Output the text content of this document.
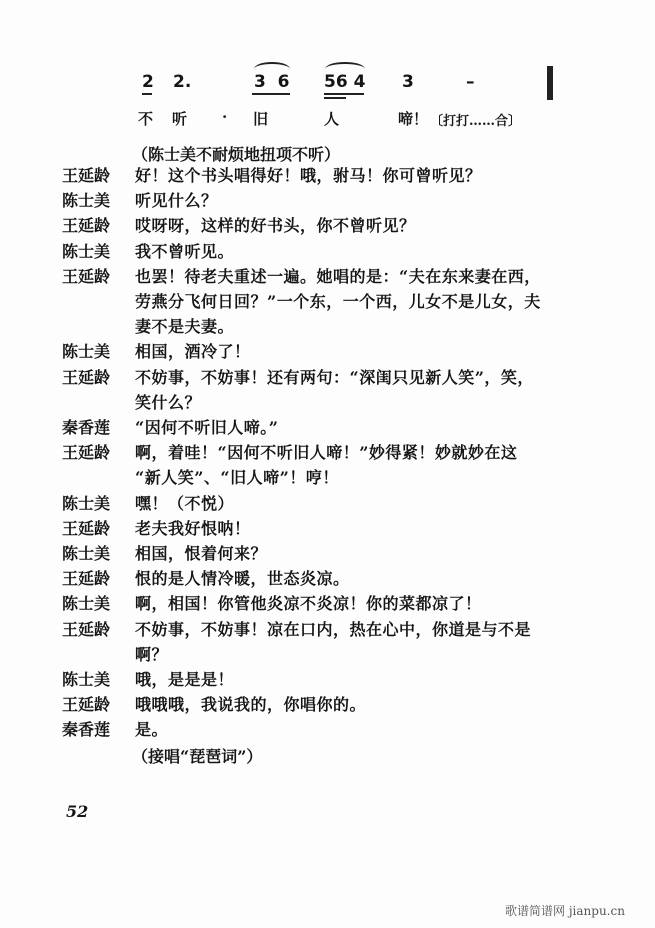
2 2.	3  6 56 4 3	–
不 听 · 旧	人	啼！ 〔打打……合〕
（陈士美不耐烦地扭项不听）
王延龄 好！这个书头唱得好！哦，驸马！你可曾听见？
陈士美 听见什么？
王延龄 哎呀呀，这样的好书头，你不曾听见？
陈士美 我不曾听见。
王延龄 也罢！待老夫重述一遍。她唱的是：“夫在东来妻在西，
劳燕分飞何日回？”一个东，一个西，儿女不是儿女，夫
妻不是夫妻。
陈士美 相国，酒冷了！
王延龄 不妨事，不妨事！还有两句：“深闺只见新人笑”，笑，
笑什么？
秦香莲 “因何不听旧人啼。”
王延龄 啊，着哇！“因何不听旧人啼！”妙得紧！妙就妙在这
“新人笑”、“旧人啼”！哼！
陈士美 嘿！（不悦）
王延龄 老夫我好恨呐！
陈士美 相国，恨着何来？
王延龄 恨的是人情冷暖，世态炎凉。
陈士美 啊，相国！你管他炎凉不炎凉！你的菜都凉了！
王延龄 不妨事，不妨事！凉在口内，热在心中，你道是与不是
啊？
陈士美 哦，是是是！
王延龄 哦哦哦，我说我的，你唱你的。
秦香莲 是。
（接唱“琵琶词”）
52
歌谱简谱网 jianpu.cn
